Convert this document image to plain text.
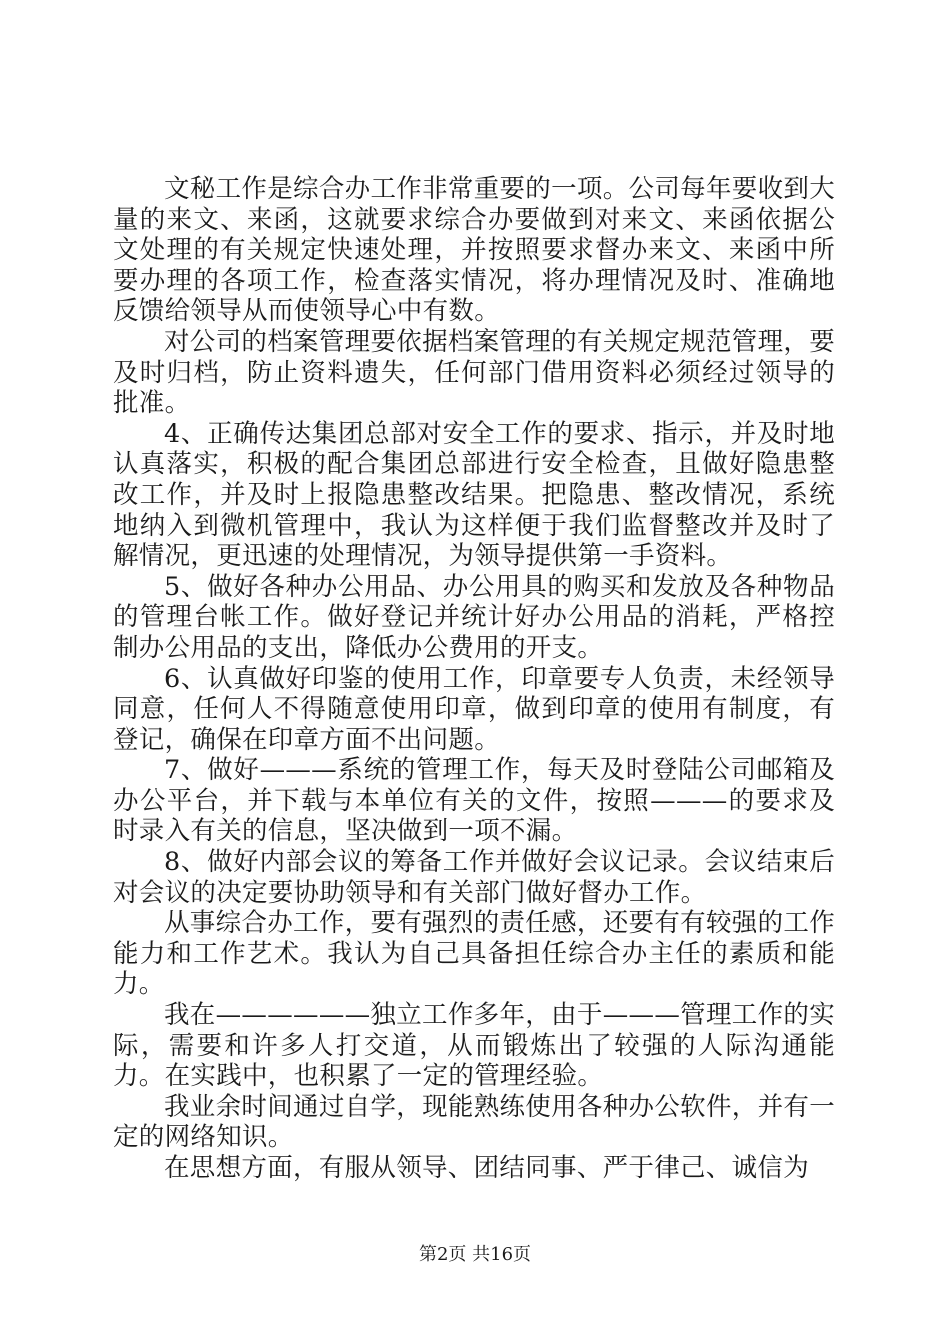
文秘工作是综合办工作非常重要的一项。公司每年要收到大量的来文、来函，这就要求综合办要做到对来文、来函依据公文处理的有关规定快速处理，并按照要求督办来文、来函中所要办理的各项工作，检查落实情况，将办理情况及时、准确地反馈给领导从而使领导心中有数。

对公司的档案管理要依据档案管理的有关规定规范管理，要及时归档，防止资料遗失，任何部门借用资料必须经过领导的批准。

4、正确传达集团总部对安全工作的要求、指示，并及时地认真落实，积极的配合集团总部进行安全检查，且做好隐患整改工作，并及时上报隐患整改结果。把隐患、整改情况，系统地纳入到微机管理中，我认为这样便于我们监督整改并及时了解情况，更迅速的处理情况，为领导提供第一手资料。

5、做好各种办公用品、办公用具的购买和发放及各种物品的管理台帐工作。做好登记并统计好办公用品的消耗，严格控制办公用品的支出，降低办公费用的开支。

6、认真做好印鉴的使用工作，印章要专人负责，未经领导同意，任何人不得随意使用印章，做到印章的使用有制度，有登记，确保在印章方面不出问题。

7、做好———系统的管理工作，每天及时登陆公司邮箱及办公平台，并下载与本单位有关的文件，按照———的要求及时录入有关的信息，坚决做到一项不漏。

8、做好内部会议的筹备工作并做好会议记录。会议结束后对会议的决定要协助领导和有关部门做好督办工作。

从事综合办工作，要有强烈的责任感，还要有有较强的工作能力和工作艺术。我认为自己具备担任综合办主任的素质和能力。

我在——————独立工作多年，由于———管理工作的实际，需要和许多人打交道，从而锻炼出了较强的人际沟通能力。在实践中，也积累了一定的管理经验。

我业余时间通过自学，现能熟练使用各种办公软件，并有一定的网络知识。

在思想方面，有服从领导、团结同事、严于律己、诚信为

第2页 共16页
